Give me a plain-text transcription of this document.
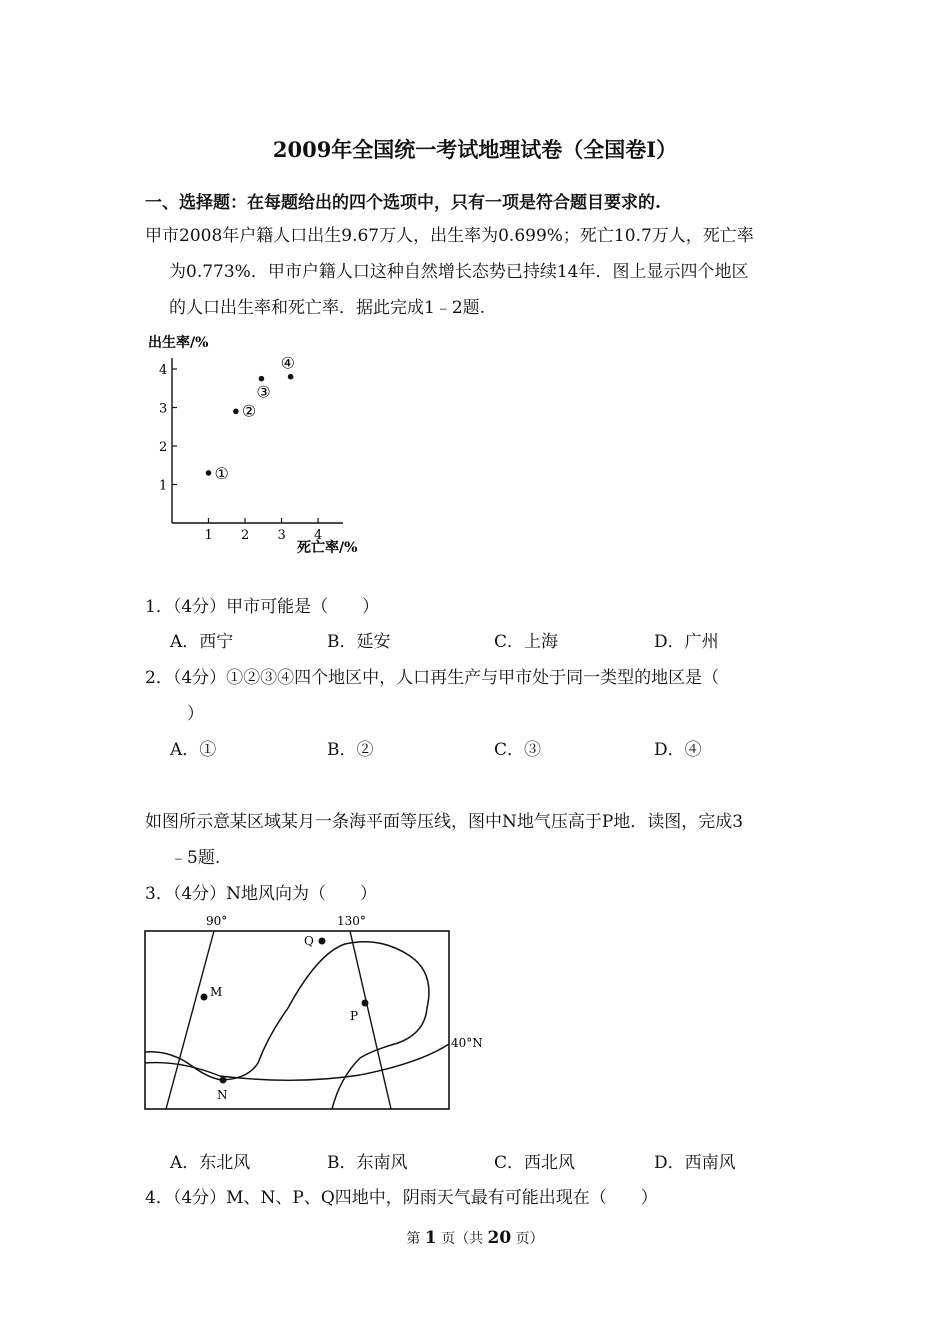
2009年全国统一考试地理试卷（全国卷Ⅰ）
一、选择题：在每题给出的四个选项中，只有一项是符合题目要求的.
甲市2008年户籍人口出生9.67万人，出生率为0.699%；死亡10.7万人，死亡率
为0.773%．甲市户籍人口这种自然增长态势已持续14年．图上显示四个地区
的人口出生率和死亡率．据此完成1﹣2题.
出生率/%
死亡率/%
1 2 3 4
1
2
3
4
①
②
③
④
1．（4分）甲市可能是（　　）
A．西宁	B．延安	C．上海	D．广州
2．（4分）①②③④四个地区中，人口再生产与甲市处于同一类型的地区是（
）
A．①	B．②	C．③	D．④
如图所示意某区域某月一条海平面等压线，图中N地气压高于P地．读图，完成3
﹣5题.
3．（4分）N地风向为（　　）
90°	130°
40°N
M
Q
P
N
A．东北风	B．东南风	C．西北风	D．西南风
4．（4分）M、N、P、Q四地中，阴雨天气最有可能出现在（　　）
第 1 页（共 20 页）
